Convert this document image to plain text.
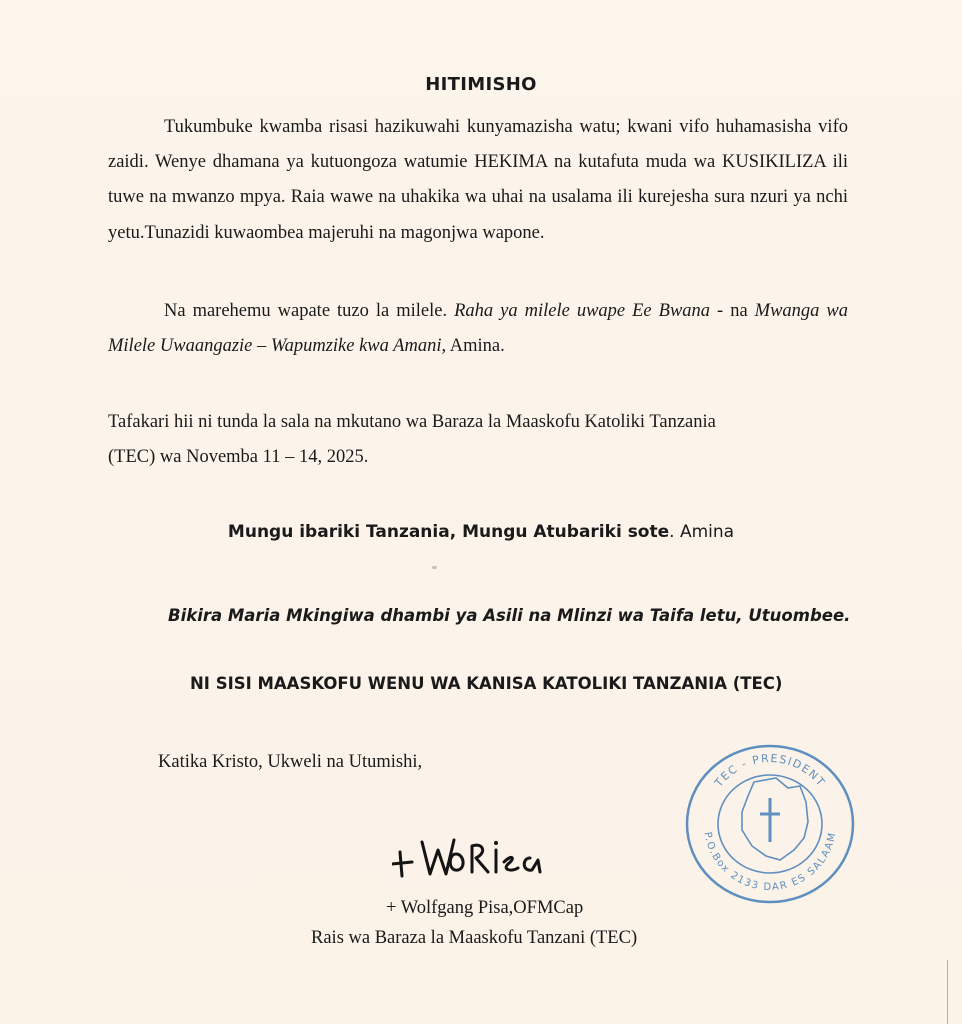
HITIMISHO
Tukumbuke kwamba risasi hazikuwahi kunyamazisha watu; kwani vifo huhamasisha vifo zaidi. Wenye dhamana ya kutuongoza watumie HEKIMA na kutafuta muda wa KUSIKILIZA ili tuwe na mwanzo mpya. Raia wawe na uhakika wa uhai na usalama ili kurejesha sura nzuri ya nchi yetu.Tunazidi kuwaombea majeruhi na magonjwa wapone.
Na marehemu wapate tuzo la milele. Raha ya milele uwape Ee Bwana - na Mwanga wa Milele Uwaangazie – Wapumzike kwa Amani, Amina.
Tafakari hii ni tunda la sala na mkutano wa Baraza la Maaskofu Katoliki Tanzania
(TEC) wa Novemba 11 – 14, 2025.
Mungu ibariki Tanzania, Mungu Atubariki sote. Amina
Bikira Maria Mkingiwa dhambi ya Asili na Mlinzi wa Taifa letu, Utuombee.
NI SISI MAASKOFU WENU WA KANISA KATOLIKI TANZANIA (TEC)
Katika Kristo, Ukweli na Utumishi,
+ Wolfgang Pisa,OFMCap
Rais wa Baraza la Maaskofu Tanzani (TEC)
TEC - PRESIDENT
P.O.Box 2133 DAR ES SALAAM
